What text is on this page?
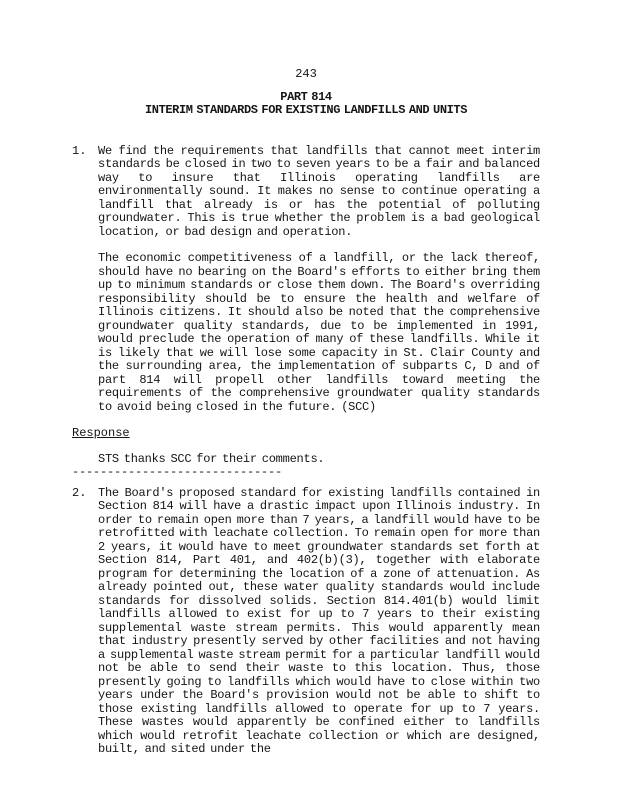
243
PART 814
INTERIM STANDARDS FOR EXISTING LANDFILLS AND UNITS
1. We find the requirements that landfills that cannot meet interim standards be closed in two to seven years to be a fair and balanced way to insure that Illinois operating landfills are environmentally sound. It makes no sense to continue operating a landfill that already is or has the potential of polluting groundwater. This is true whether the problem is a bad geological location, or bad design and operation.

The economic competitiveness of a landfill, or the lack thereof, should have no bearing on the Board's efforts to either bring them up to minimum standards or close them down. The Board's overriding responsibility should be to ensure the health and welfare of Illinois citizens. It should also be noted that the comprehensive groundwater quality standards, due to be implemented in 1991, would preclude the operation of many of these landfills. While it is likely that we will lose some capacity in St. Clair County and the surrounding area, the implementation of subparts C, D and of part 814 will propell other landfills toward meeting the requirements of the comprehensive groundwater quality standards to avoid being closed in the future. (SCC)

Response

STS thanks SCC for their comments.

------------------------------
2. The Board's proposed standard for existing landfills contained in Section 814 will have a drastic impact upon Illinois industry. In order to remain open more than 7 years, a landfill would have to be retrofitted with leachate collection. To remain open for more than 2 years, it would have to meet groundwater standards set forth at Section 814, Part 401, and 402(b)(3), together with elaborate program for determining the location of a zone of attenuation. As already pointed out, these water quality standards would include standards for dissolved solids. Section 814.401(b) would limit landfills allowed to exist for up to 7 years to their existing supplemental waste stream permits. This would apparently mean that industry presently served by other facilities and not having a supplemental waste stream permit for a particular landfill would not be able to send their waste to this location. Thus, those presently going to landfills which would have to close within two years under the Board's provision would not be able to shift to those existing landfills allowed to operate for up to 7 years. These wastes would apparently be confined either to landfills which would retrofit leachate collection or which are designed, built, and sited under the
